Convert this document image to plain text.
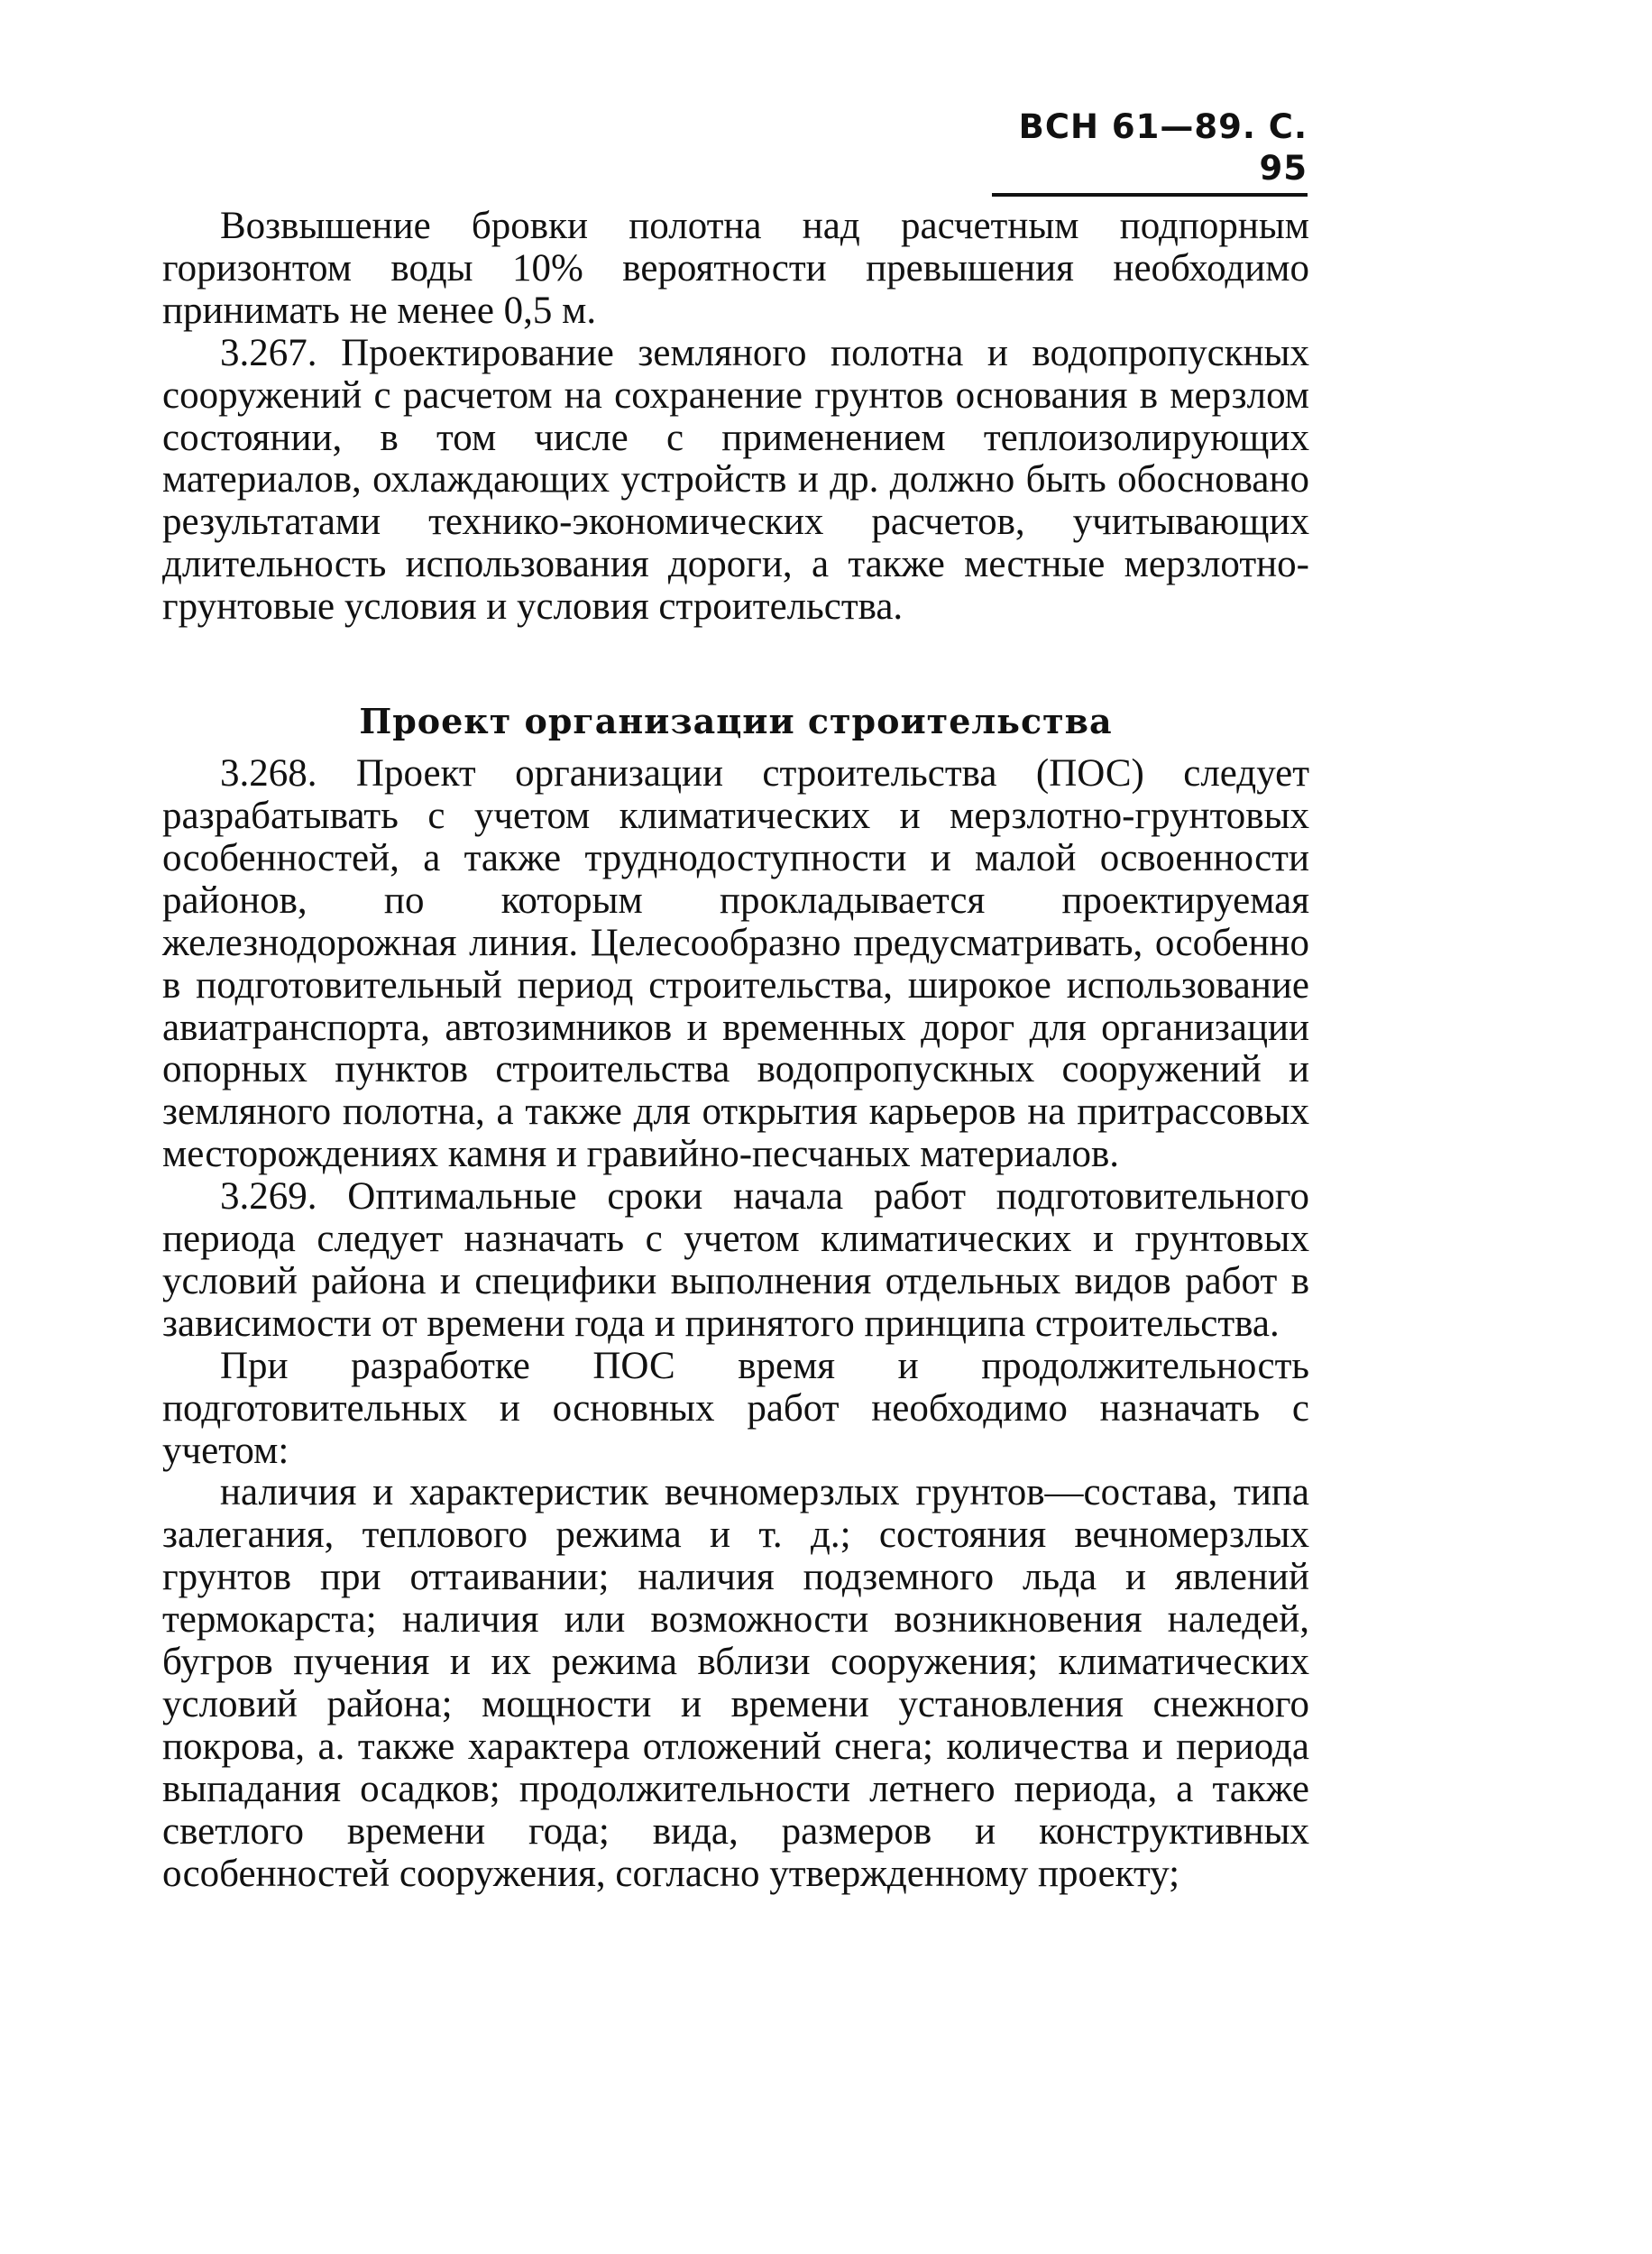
ВСН 61—89. С. 95

Возвышение бровки полотна над расчетным подпорным горизонтом воды 10% вероятности превышения необходимо принимать не менее 0,5 м.

3.267. Проектирование земляного полотна и водопропускных сооружений с расчетом на сохранение грунтов основания в мерзлом состоянии, в том числе с применением теплоизолирующих материалов, охлаждающих устройств и др. должно быть обосновано результатами технико-экономических расчетов, учитывающих длительность использования дороги, а также местные мерзлотно-грунтовые условия и условия строительства.

Проект организации строительства

3.268. Проект организации строительства (ПОС) следует разрабатывать с учетом климатических и мерзлотно-грунтовых особенностей, а также труднодоступности и малой освоенности районов, по которым прокладывается проектируемая железнодорожная линия. Целесообразно предусматривать, особенно в подготовительный период строительства, широкое использование авиатранспорта, автозимников и временных дорог для организации опорных пунктов строительства водопропускных сооружений и земляного полотна, а также для открытия карьеров на притрассовых месторождениях камня и гравийно-песчаных материалов.

3.269. Оптимальные сроки начала работ подготовительного периода следует назначать с учетом климатических и грунтовых условий района и специфики выполнения отдельных видов работ в зависимости от времени года и принятого принципа строительства.

При разработке ПОС время и продолжительность подготовительных и основных работ необходимо назначать с учетом:

наличия и характеристик вечномерзлых грунтов—состава, типа залегания, теплового режима и т. д.; состояния вечномерзлых грунтов при оттаивании; наличия подземного льда и явлений термокарста; наличия или возможности возникновения наледей, бугров пучения и их режима вблизи сооружения; климатических условий района; мощности и времени установления снежного покрова, а. также характера отложений снега; количества и периода выпадания осадков; продолжительности летнего периода, а также светлого времени года; вида, размеров и конструктивных особенностей сооружения, согласно утвержденному проекту;
